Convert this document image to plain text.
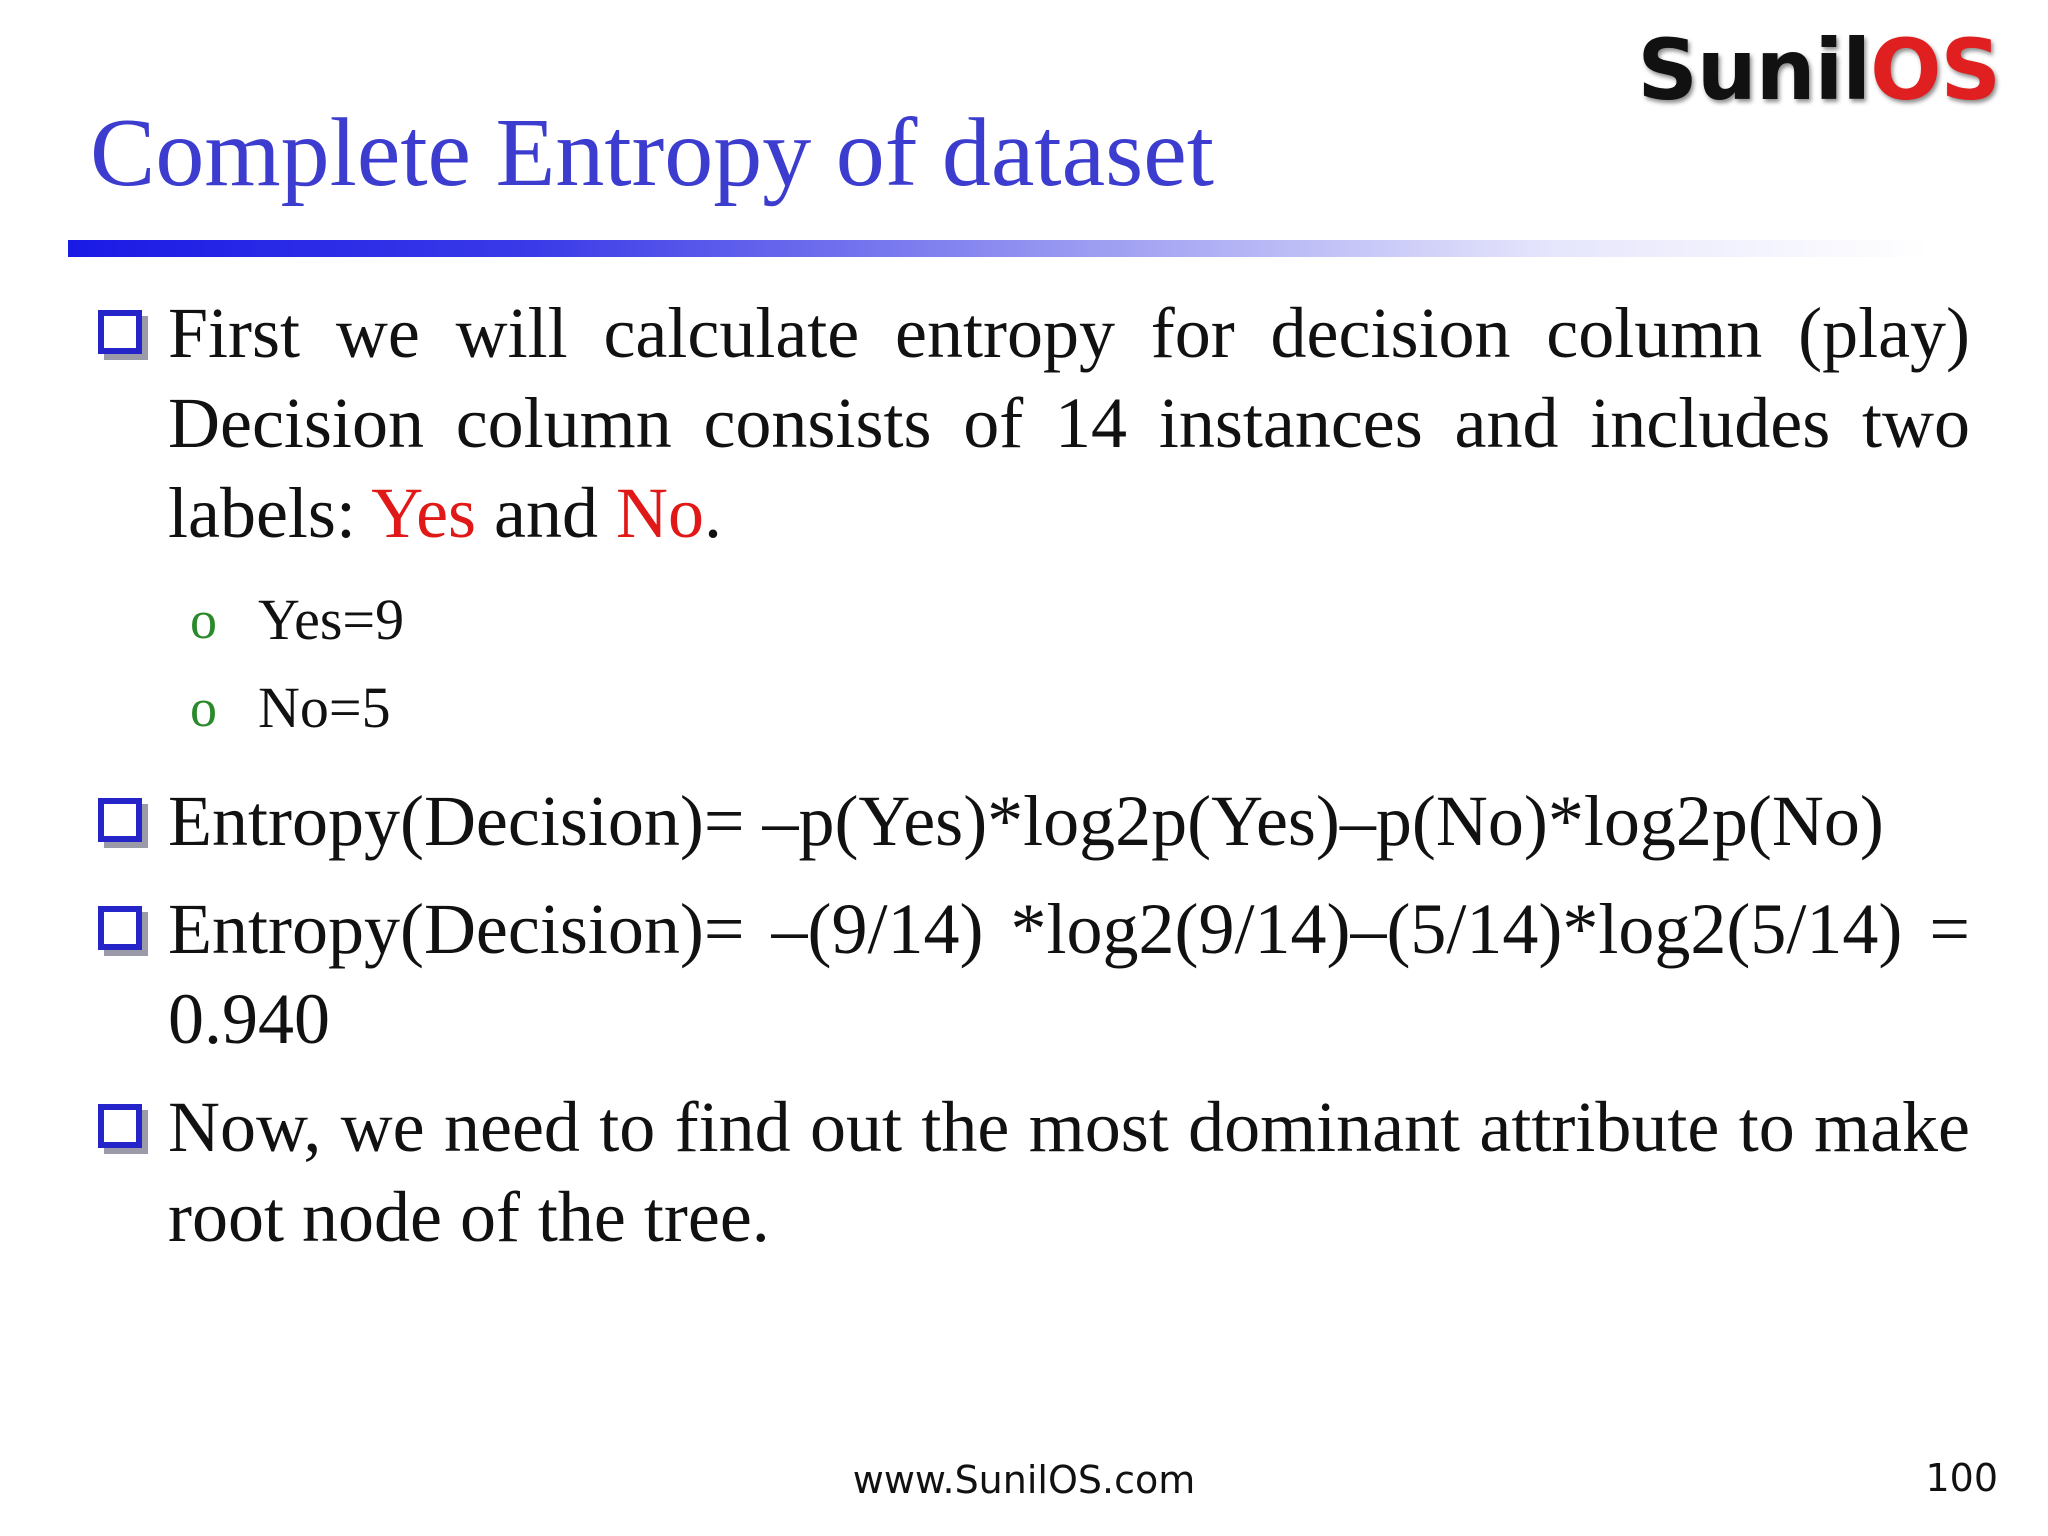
SunilOS
Complete Entropy of dataset
First we will calculate entropy for decision column (play) Decision column consists of 14 instances and includes two labels: Yes and No.
o Yes=9
o No=5
Entropy(Decision)= –p(Yes)*log2p(Yes)–p(No)*log2p(No)
Entropy(Decision)= –(9/14) *log2(9/14)–(5/14)*log2(5/14) = 0.940
Now, we need to find out the most dominant attribute to make root node of the tree.
www.SunilOS.com	100
